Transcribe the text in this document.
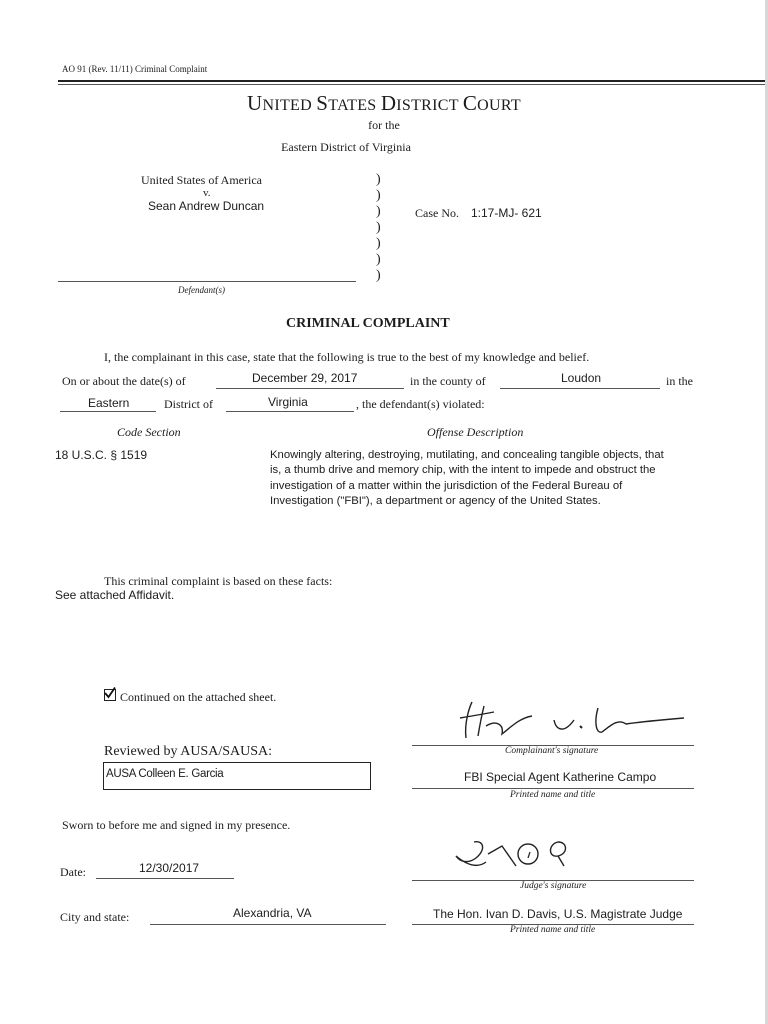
AO 91 (Rev. 11/11) Criminal Complaint
UNITED STATES DISTRICT COURT
for the
Eastern District of Virginia
United States of America
v.
Sean Andrew Duncan
Defendant(s)
)
)
)
)
)
)
)
Case No. 1:17-MJ- 621
CRIMINAL COMPLAINT
I, the complainant in this case, state that the following is true to the best of my knowledge and belief.
On or about the date(s) of	December 29, 2017	in the county of	Loudon	in the
Eastern	District of	Virginia	, the defendant(s) violated:
Code Section	Offense Description
18 U.S.C. § 1519	Knowingly altering, destroying, mutilating, and concealing tangible objects, that
is, a thumb drive and memory chip, with the intent to impede and obstruct the
investigation of a matter within the jurisdiction of the Federal Bureau of
Investigation ("FBI"), a department or agency of the United States.
This criminal complaint is based on these facts:
See attached Affidavit.
Continued on the attached sheet.
Reviewed by AUSA/SAUSA:
AUSA Colleen E. Garcia
Complainant's signature
FBI Special Agent Katherine Campo
Printed name and title
Sworn to before me and signed in my presence.
Judge's signature
Date:	12/30/2017
The Hon. Ivan D. Davis, U.S. Magistrate Judge
Printed name and title
City and state:	Alexandria, VA
